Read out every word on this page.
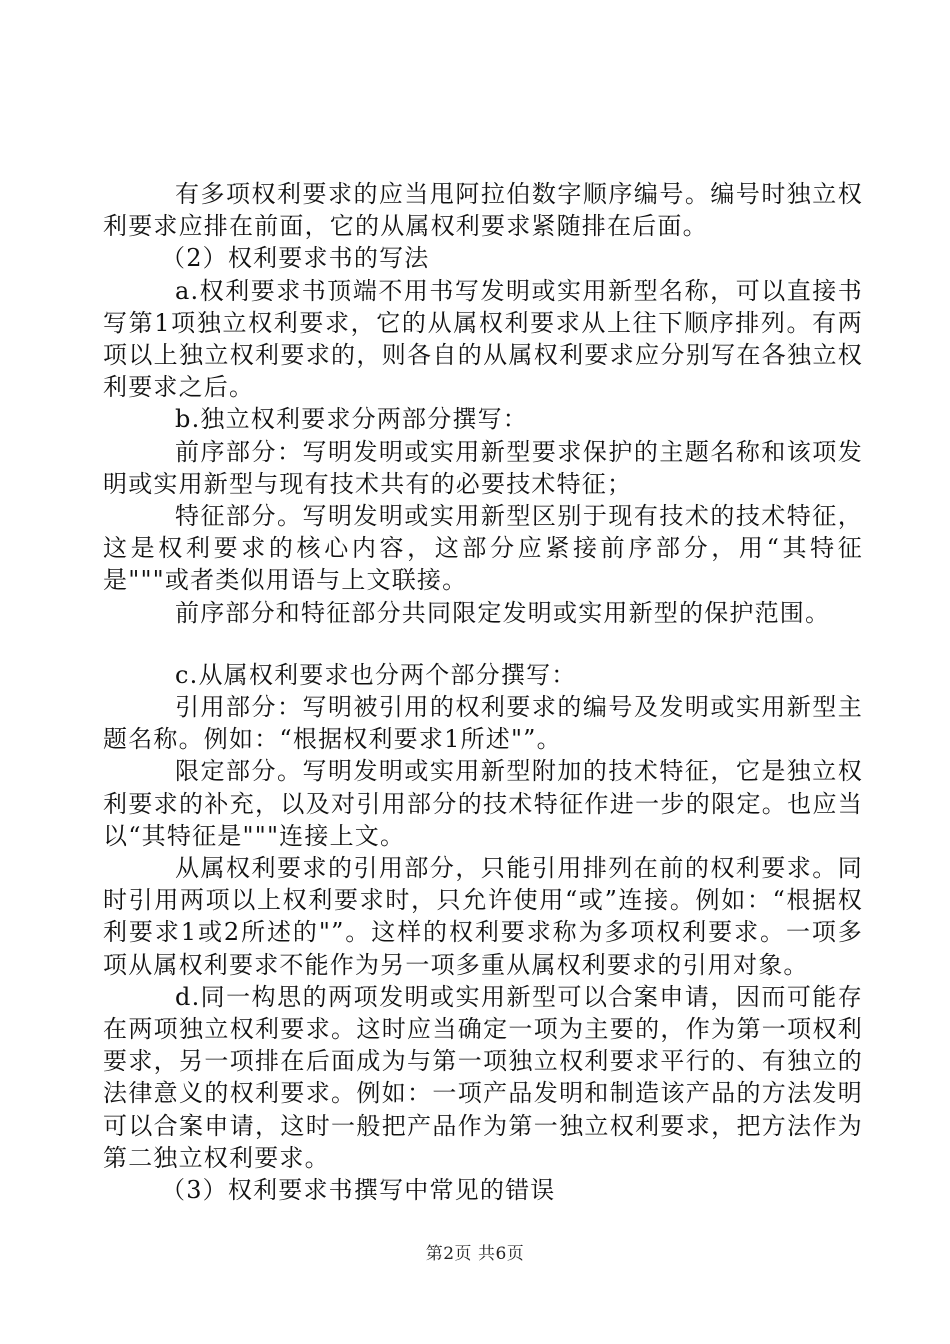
有多项权利要求的应当甩阿拉伯数字顺序编号。编号时独立权利要求应排在前面，它的从属权利要求紧随排在后面。

（2）权利要求书的写法

a.权利要求书顶端不用书写发明或实用新型名称，可以直接书写第1项独立权利要求，它的从属权利要求从上往下顺序排列。有两项以上独立权利要求的，则各自的从属权利要求应分别写在各独立权利要求之后。

b.独立权利要求分两部分撰写：

前序部分：写明发明或实用新型要求保护的主题名称和该项发明或实用新型与现有技术共有的必要技术特征；

特征部分。写明发明或实用新型区别于现有技术的技术特征，这是权利要求的核心内容，这部分应紧接前序部分，用“其特征是"""或者类似用语与上文联接。

前序部分和特征部分共同限定发明或实用新型的保护范围。

c.从属权利要求也分两个部分撰写：

引用部分：写明被引用的权利要求的编号及发明或实用新型主题名称。例如：“根据权利要求1所述"”。

限定部分。写明发明或实用新型附加的技术特征，它是独立权利要求的补充，以及对引用部分的技术特征作进一步的限定。也应当以“其特征是"""连接上文。

从属权利要求的引用部分，只能引用排列在前的权利要求。同时引用两项以上权利要求时，只允许使用“或”连接。例如：“根据权利要求1或2所述的"”。这样的权利要求称为多项权利要求。一项多项从属权利要求不能作为另一项多重从属权利要求的引用对象。

d.同一构思的两项发明或实用新型可以合案申请，因而可能存在两项独立权利要求。这时应当确定一项为主要的，作为第一项权利要求，另一项排在后面成为与第一项独立权利要求平行的、有独立的法律意义的权利要求。例如：一项产品发明和制造该产品的方法发明可以合案申请，这时一般把产品作为第一独立权利要求，把方法作为第二独立权利要求。

（3）权利要求书撰写中常见的错误

第2页 共6页
